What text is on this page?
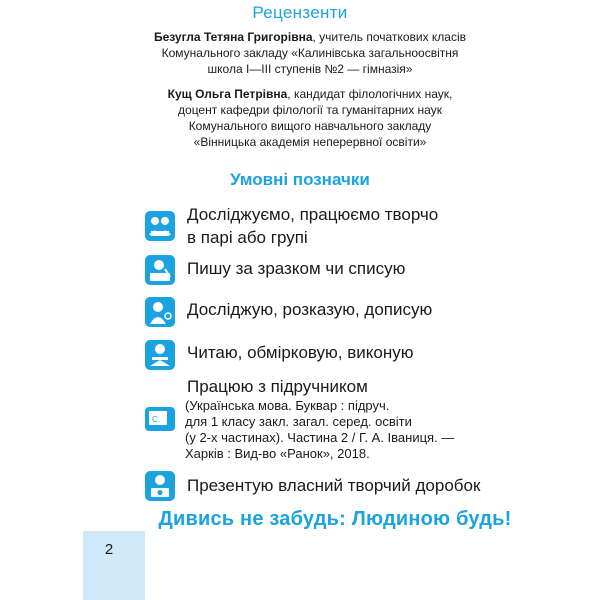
Рецензенти
Безугла Тетяна Григорівна, учитель початкових класів
Комунального закладу «Калинівська загальноосвітня
школа I—III ступенів №2 — гімназія»
Кущ Ольга Петрівна, кандидат філологічних наук,
доцент кафедри філології та гуманітарних наук
Комунального вищого навчального закладу
«Вінницька академія неперервної освіти»
Умовні позначки
Досліджуємо, працюємо творчо
в парі або групі
Пишу за зразком чи списую
Досліджую, розказую, дописую
Читаю, обмірковую, виконую
C.
Працюю з підручником
(Українська мова. Буквар : підруч.
для 1 класу закл. загал. серед. освіти
(у 2-х частинах). Частина 2 / Г. А. Іваниця. —
Харків : Вид-во «Ранок», 2018.
Презентую власний творчий доробок
Дивись не забудь: Людиною будь!
2
